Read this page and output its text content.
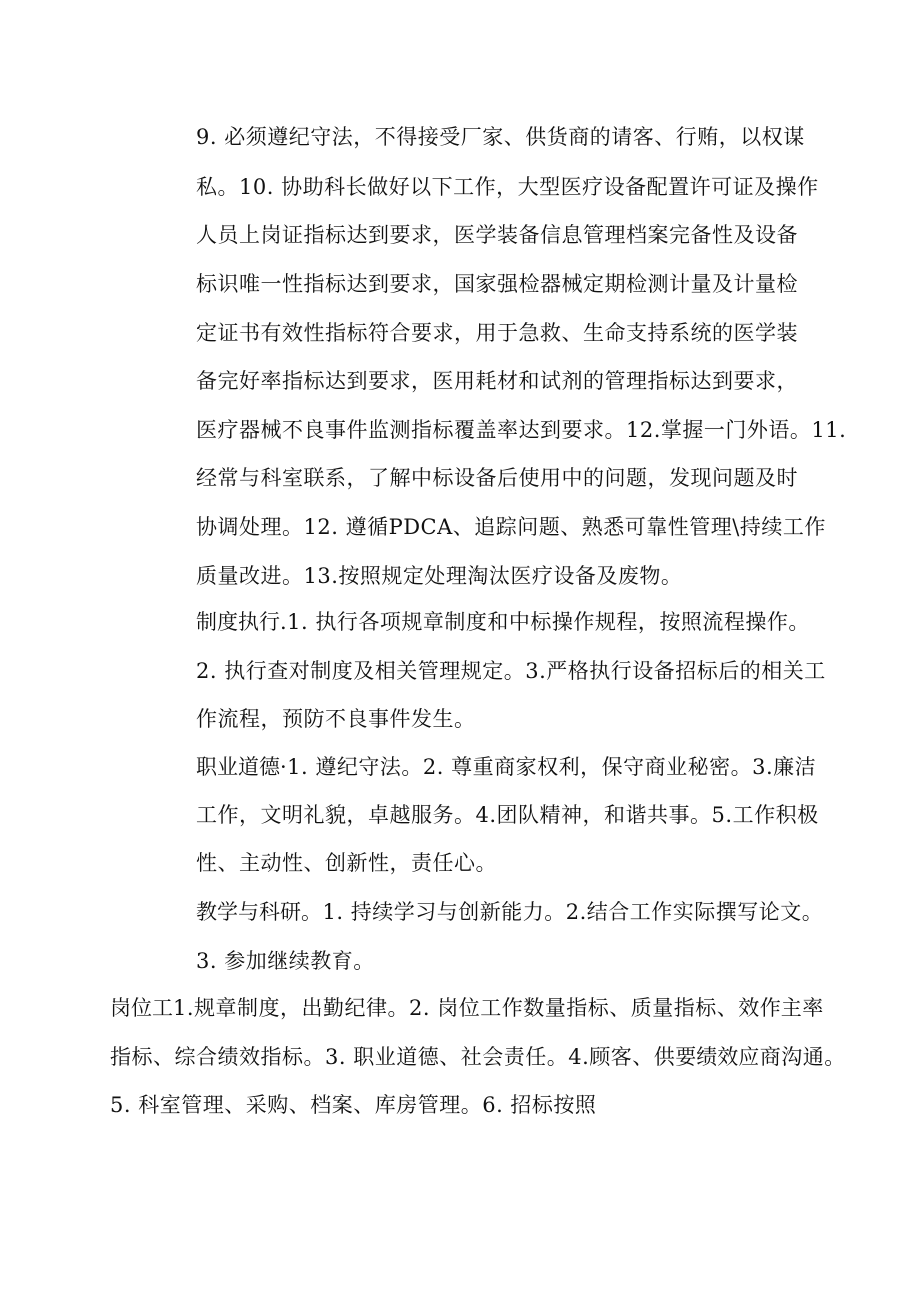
9. 必须遵纪守法，不得接受厂家、供货商的请客、行贿，以权谋
私。10. 协助科长做好以下工作，大型医疗设备配置许可证及操作
人员上岗证指标达到要求，医学装备信息管理档案完备性及设备
标识唯一性指标达到要求，国家强检器械定期检测计量及计量检
定证书有效性指标符合要求，用于急救、生命支持系统的医学装
备完好率指标达到要求，医用耗材和试剂的管理指标达到要求，
医疗器械不良事件监测指标覆盖率达到要求。12.掌握一门外语。11.
经常与科室联系，了解中标设备后使用中的问题，发现问题及时
协调处理。12. 遵循PDCA、追踪问题、熟悉可靠性管理\持续工作
质量改进。13.按照规定处理淘汰医疗设备及废物。
制度执行.1. 执行各项规章制度和中标操作规程，按照流程操作。
2. 执行查对制度及相关管理规定。3.严格执行设备招标后的相关工
作流程，预防不良事件发生。
职业道德·1. 遵纪守法。2. 尊重商家权利，保守商业秘密。3.廉洁
工作，文明礼貌，卓越服务。4.团队精神，和谐共事。5.工作积极
性、主动性、创新性，责任心。
教学与科研。1. 持续学习与创新能力。2.结合工作实际撰写论文。
3. 参加继续教育。
岗位工1.规章制度，出勤纪律。2. 岗位工作数量指标、质量指标、效作主率
指标、综合绩效指标。3. 职业道德、社会责任。4.顾客、供要绩效应商沟通。
5. 科室管理、采购、档案、库房管理。6. 招标按照
